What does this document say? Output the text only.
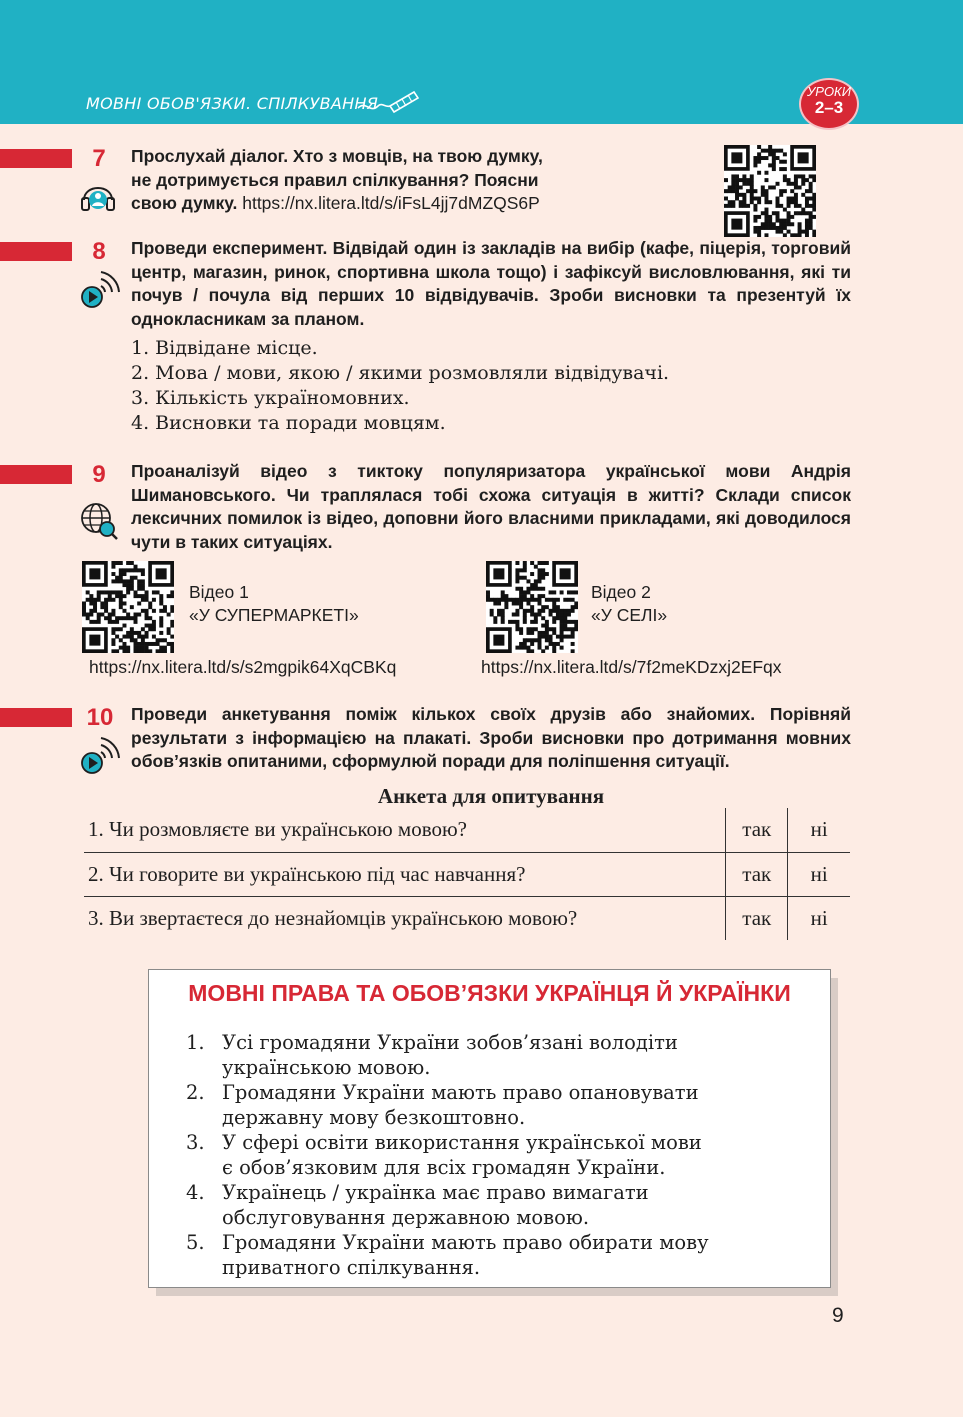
МОВНІ ОБОВ'ЯЗКИ. СПІЛКУВАННЯ
УРОКИ
2–3
7	Прослухай діалог. Хто з мовців, на твою думку,
не дотримується правил спілкування? Поясни
свою думку. https://nx.litera.ltd/s/iFsL4jj7dMZQS6P
8	Проведи експеримент. Відвідай один із закладів на вибір (кафе, піцерія, торговий центр, магазин, ринок, спортивна школа тощо) і зафіксуй висловлювання, які ти почув / почула від перших 10 відвідувачів. Зроби висновки та презентуй їх однокласникам за планом.
1. Відвідане місце.
2. Мова / мови, якою / якими розмовляли відвідувачі.
3. Кількість україномовних.
4. Висновки та поради мовцям.
9	Проаналізуй відео з тиктоку популяризатора української мови Андрія Шимановського. Чи траплялася тобі схожа ситуація в житті? Склади список лексичних помилок із відео, доповни його власними прикладами, які доводилося чути в таких ситуаціях.
Відео 1
«У СУПЕРМАРКЕТІ»
https://nx.litera.ltd/s/s2mgpik64XqCBKq
Відео 2
«У СЕЛІ»
https://nx.litera.ltd/s/7f2meKDzxj2EFqx
10	Проведи анкетування поміж кількох своїх друзів або знайомих. Порівняй результати з інформацією на плакаті. Зроби висновки про дотримання мовних обов’язків опитаними, сформулюй поради для поліпшення ситуації.
Анкета для опитування
1. Чи розмовляєте ви українською мовою?	так	ні
2. Чи говорите ви українською під час навчання?	так	ні
3. Ви звертаєтеся до незнайомців українською мовою?	так	ні
МОВНІ ПРАВА ТА ОБОВ’ЯЗКИ УКРАЇНЦЯ Й УКРАЇНКИ
1. Усі громадяни України зобов’язані володіти
українською мовою.
2. Громадяни України мають право опановувати
державну мову безкоштовно.
3. У сфері освіти використання української мови
є обов’язковим для всіх громадян України.
4. Українець / українка має право вимагати
обслуговування державною мовою.
5. Громадяни України мають право обирати мову
приватного спілкування.
9
